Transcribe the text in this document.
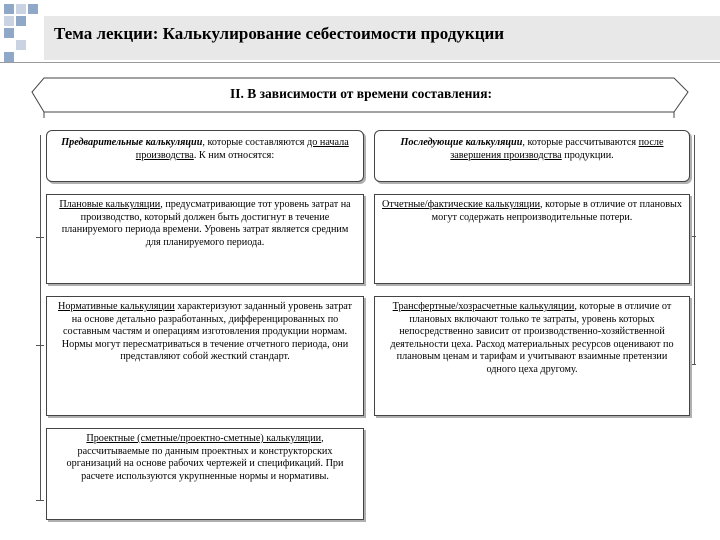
Тема лекции: Калькулирование себестоимости продукции
II. В зависимости от времени составления:
Предварительные калькуляции, которые составляются до начала производства. К ним относятся:
Последующие калькуляции, которые рассчитываются после завершения производства продукции.
Плановые калькуляции, предусматривающие тот уровень затрат на производство, который должен быть достигнут в течение планируемого периода времени. Уровень затрат является средним для планируемого периода.
Нормативные калькуляции характеризуют заданный уровень затрат на основе детально разработанных, дифференцированных по составным частям и операциям изготовления продукции нормам. Нормы могут пересматриваться в течение отчетного периода, они представляют собой жесткий стандарт.
Проектные (сметные/проектно-сметные) калькуляции, рассчитываемые по данным проектных и конструкторских организаций на основе рабочих чертежей и спецификаций. При расчете используются укрупненные нормы и нормативы.
Отчетные/фактические калькуляции, которые в отличие от плановых могут содержать непроизводительные потери.
Трансфертные/хозрасчетные калькуляции, которые в отличие от плановых включают только те затраты, уровень которых непосредственно зависит от производственно-хозяйственной деятельности цеха. Расход материальных ресурсов оценивают по плановым ценам и тарифам и учитывают взаимные претензии одного цеха другому.
